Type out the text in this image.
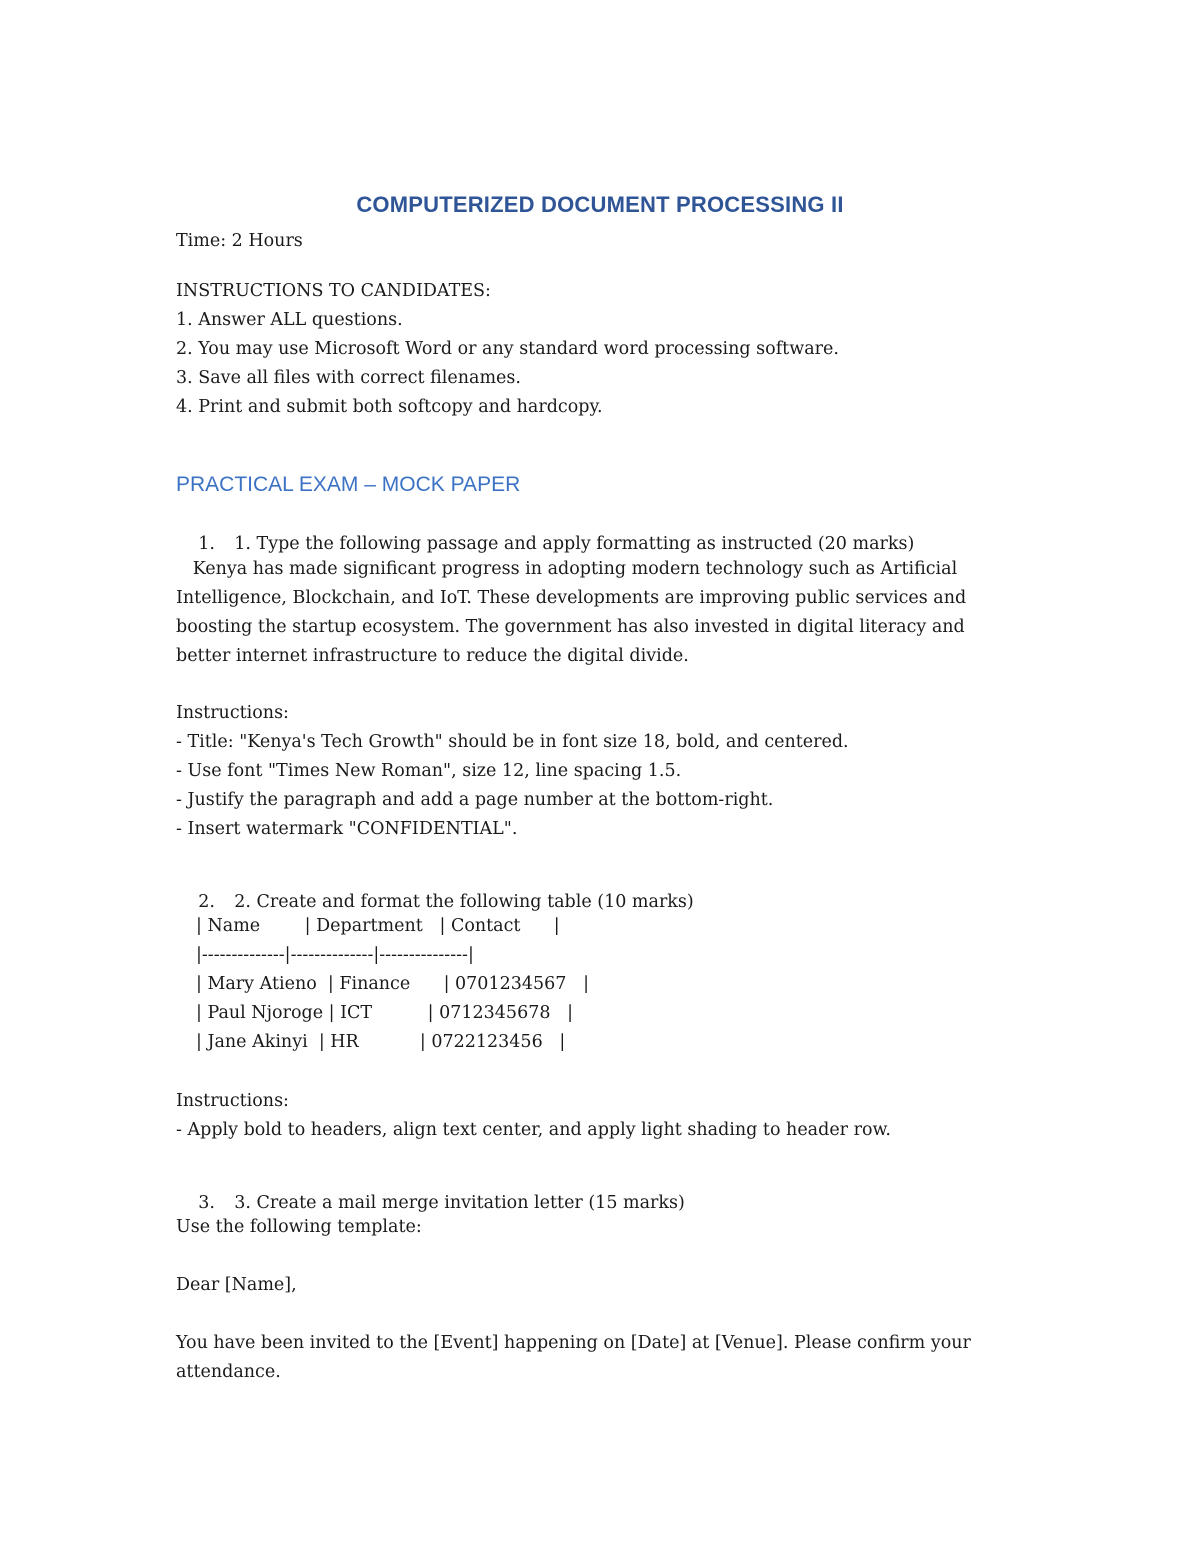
COMPUTERIZED DOCUMENT PROCESSING II
Time: 2 Hours
INSTRUCTIONS TO CANDIDATES:
1. Answer ALL questions.
2. You may use Microsoft Word or any standard word processing software.
3. Save all files with correct filenames.
4. Print and submit both softcopy and hardcopy.
PRACTICAL EXAM – MOCK PAPER

1. 1. Type the following passage and apply formatting as instructed (20 marks)

Kenya has made significant progress in adopting modern technology such as Artificial
Intelligence, Blockchain, and IoT. These developments are improving public services and
boosting the startup ecosystem. The government has also invested in digital literacy and
better internet infrastructure to reduce the digital divide.
Instructions:
- Title: "Kenya's Tech Growth" should be in font size 18, bold, and centered.
- Use font "Times New Roman", size 12, line spacing 1.5.
- Justify the paragraph and add a page number at the bottom-right.
- Insert watermark "CONFIDENTIAL".

2. 2. Create and format the following table (10 marks)

| Name        | Department   | Contact      |
|--------------|--------------|---------------|
| Mary Atieno  | Finance      | 0701234567   |
| Paul Njoroge | ICT          | 0712345678   |
| Jane Akinyi  | HR           | 0722123456   |
Instructions:
- Apply bold to headers, align text center, and apply light shading to header row.

3. 3. Create a mail merge invitation letter (15 marks)

Use the following template:
Dear [Name],
You have been invited to the [Event] happening on [Date] at [Venue]. Please confirm your
attendance.
